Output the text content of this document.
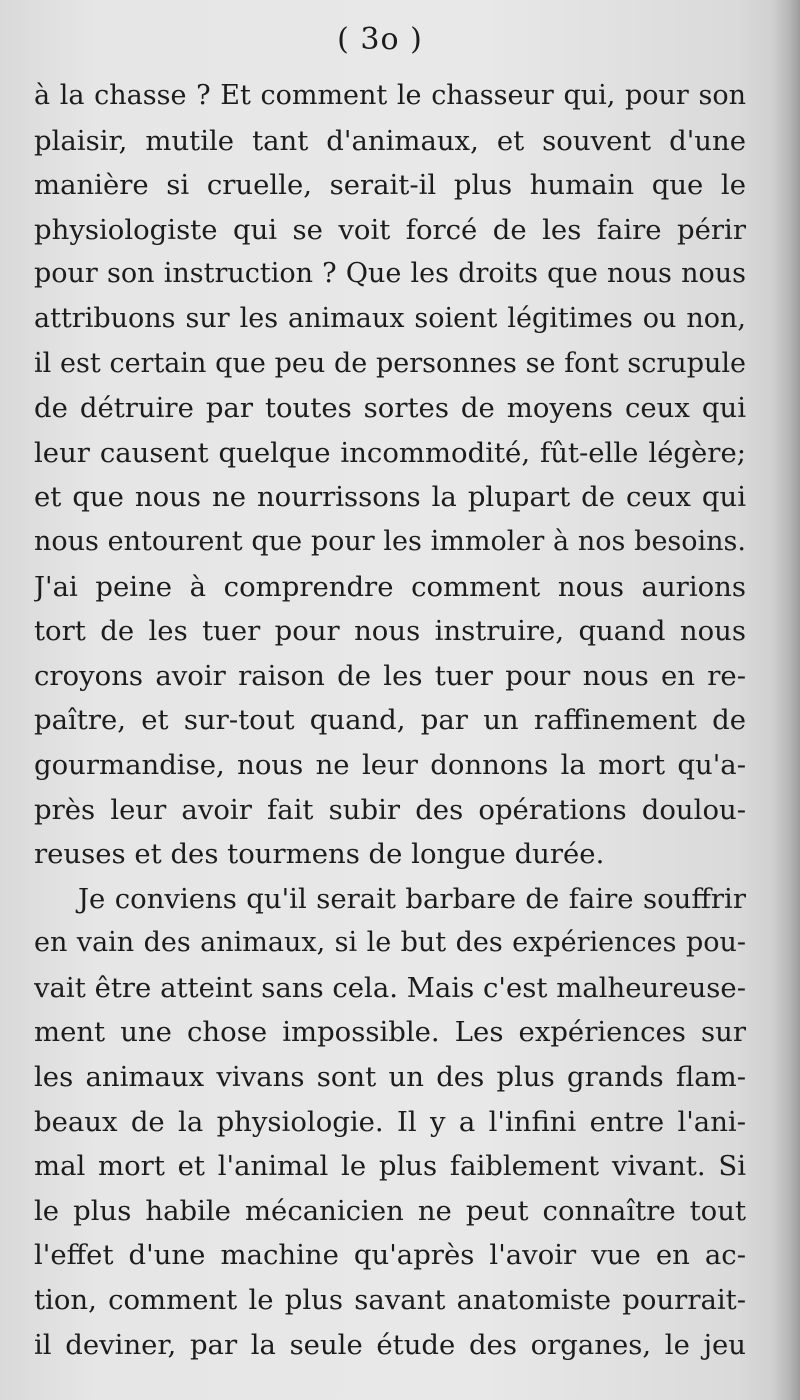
( 3o )
à la chasse ? Et comment le chasseur qui, pour son
plaisir, mutile tant d'animaux, et souvent d'une
manière si cruelle, serait-il plus humain que le
physiologiste qui se voit forcé de les faire périr
pour son instruction ? Que les droits que nous nous
attribuons sur les animaux soient légitimes ou non,
il est certain que peu de personnes se font scrupule
de détruire par toutes sortes de moyens ceux qui
leur causent quelque incommodité, fût-elle légère;
et que nous ne nourrissons la plupart de ceux qui
nous entourent que pour les immoler à nos besoins.
J'ai peine à comprendre comment nous aurions
tort de les tuer pour nous instruire, quand nous
croyons avoir raison de les tuer pour nous en re-
paître, et sur-tout quand, par un raffinement de
gourmandise, nous ne leur donnons la mort qu'a-
près leur avoir fait subir des opérations doulou-
reuses et des tourmens de longue durée.
Je conviens qu'il serait barbare de faire souffrir
en vain des animaux, si le but des expériences pou-
vait être atteint sans cela. Mais c'est malheureuse-
ment une chose impossible. Les expériences sur
les animaux vivans sont un des plus grands flam-
beaux de la physiologie. Il y a l'infini entre l'ani-
mal mort et l'animal le plus faiblement vivant. Si
le plus habile mécanicien ne peut connaître tout
l'effet d'une machine qu'après l'avoir vue en ac-
tion, comment le plus savant anatomiste pourrait-
il deviner, par la seule étude des organes, le jeu
